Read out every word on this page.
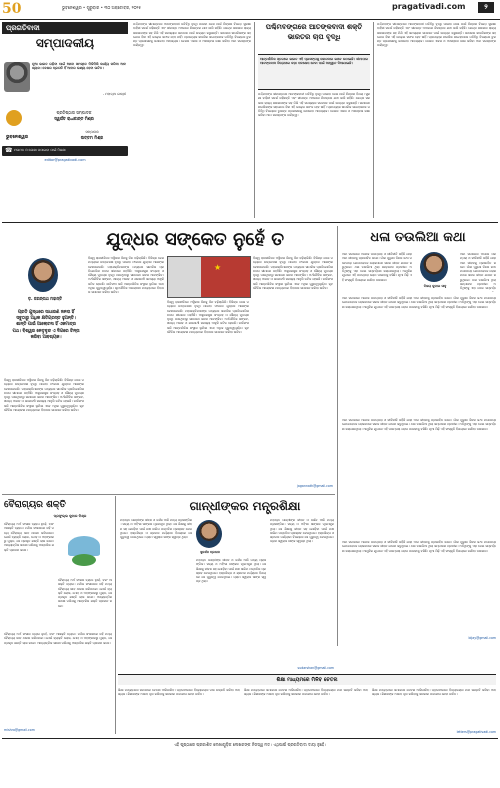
50	ଭୁବନେଶ୍ୱର • ଗୁରୁବାର • ୩୦ ଅକ୍ଟୋବର, ୨୦୨୫	pragativadi.com	୨
ପ୍ରଗତିବାଦୀ
ସମ୍ପାଦକୀୟ
ନୂଆ ଭାରତ ଗଢ଼ିବା ପାଇଁ ଆମେ ସମସ୍ତେ ମିଳିମିଶି କାର୍ଯ୍ୟ କରିବା ଆବଶ୍ୟକ। ଦେଶର ପ୍ରଗତି ହିଁ ଆମର ଲକ୍ଷ୍ୟ ହେବା ଉଚିତ।
- ମହାତ୍ମା ଗାନ୍ଧୀ
ପ୍ରତିଷ୍ଠାତା ସମ୍ପାଦକ
ସ୍ୱର୍ଗତ ରାଧାକାନ୍ତ ମିଶ୍ର
ଭୁବନେଶ୍ୱର
ସମ୍ପାଦକ
ଉତ୍ତମ ମିଶ୍ର
☎ ମତାମତ ଓ ଲେଖା ପଠାଇବା ପାଇଁ ଠିକଣା
editor@pragativadi.com
ପଶ୍ଚିମବଙ୍ଗ ସୀମାନ୍ତରେ ଆତଙ୍କବାଦୀ ଗତିବିଧି ବୃଦ୍ଧି ପାଇବା ଦେଶ ପାଇଁ ଚିନ୍ତାର ବିଷୟ। ସୁରକ୍ଷା ବାହିନୀ ସତର୍କ ରହିଛନ୍ତି ଏବଂ ସୀମାନ୍ତ ଅଞ୍ଚଳରେ ନିରନ୍ତର ଯାଞ୍ଚ ଜାରି ରହିଛି। କେନ୍ଦ୍ର ସରକାର ରାଜ୍ୟ ସରକାରଙ୍କ ସହ ମିଶି ଏହି ସମସ୍ୟାର ସମାଧାନ ପାଇଁ ଉଦ୍ୟମ କରୁଛନ୍ତି। ସାଧାରଣ ନାଗରିକଙ୍କ ସହଯୋଗ ବିନା ଏହି ଲଢ଼େଇ ସଫଳ ହେବ ନାହିଁ। ପ୍ରତ୍ୟେକ ନାଗରିକ ସନ୍ଦେହଜନକ ଗତିବିଧି ବିଷୟରେ ତୁରନ୍ତ ପ୍ରଶାସନକୁ ଜଣାଇବା ଆବଶ୍ୟକ। ଦେଶର ଏକତା ଓ ଅଖଣ୍ଡତା ରକ୍ଷା କରିବା ଆମ ସମସ୍ତଙ୍କ ଦାୟିତ୍ୱ।
ପଶ୍ଚିମବଙ୍ଗରେ ଆତଙ୍କବାଦୀ ଶକ୍ତି
ଭାରତର ଚାପ ବୃଦ୍ଧି
ଆନ୍ତର୍ଜାତିକ ସ୍ତରରେ ଭାରତ ଏହି ପ୍ରସଙ୍ଗକୁ ଜୋରଦାର ଭାବେ ଉଠାଇଛି। ସୀମାପାର ଆତଙ୍କବାଦ ବିରୋଧରେ କଡ଼ା ପଦକ୍ଷେପ ନେବା ପାଇଁ ଆହ୍ୱାନ ଦିଆଯାଇଛି।
ପଶ୍ଚିମବଙ୍ଗ ସୀମାନ୍ତରେ ଆତଙ୍କବାଦୀ ଗତିବିଧି ବୃଦ୍ଧି ପାଇବା ଦେଶ ପାଇଁ ଚିନ୍ତାର ବିଷୟ। ସୁରକ୍ଷା ବାହିନୀ ସତର୍କ ରହିଛନ୍ତି ଏବଂ ସୀମାନ୍ତ ଅଞ୍ଚଳରେ ନିରନ୍ତର ଯାଞ୍ଚ ଜାରି ରହିଛି। କେନ୍ଦ୍ର ସରକାର ରାଜ୍ୟ ସରକାରଙ୍କ ସହ ମିଶି ଏହି ସମସ୍ୟାର ସମାଧାନ ପାଇଁ ଉଦ୍ୟମ କରୁଛନ୍ତି। ସାଧାରଣ ନାଗରିକଙ୍କ ସହଯୋଗ ବିନା ଏହି ଲଢ଼େଇ ସଫଳ ହେବ ନାହିଁ। ପ୍ରତ୍ୟେକ ନାଗରିକ ସନ୍ଦେହଜନକ ଗତିବିଧି ବିଷୟରେ ତୁରନ୍ତ ପ୍ରଶାସନକୁ ଜଣାଇବା ଆବଶ୍ୟକ। ଦେଶର ଏକତା ଓ ଅଖଣ୍ଡତା ରକ୍ଷା କରିବା ଆମ ସମସ୍ତଙ୍କ ଦାୟିତ୍ୱ।
ପଶ୍ଚିମବଙ୍ଗ ସୀମାନ୍ତରେ ଆତଙ୍କବାଦୀ ଗତିବିଧି ବୃଦ୍ଧି ପାଇବା ଦେଶ ପାଇଁ ଚିନ୍ତାର ବିଷୟ। ସୁରକ୍ଷା ବାହିନୀ ସତର୍କ ରହିଛନ୍ତି ଏବଂ ସୀମାନ୍ତ ଅଞ୍ଚଳରେ ନିରନ୍ତର ଯାଞ୍ଚ ଜାରି ରହିଛି। କେନ୍ଦ୍ର ସରକାର ରାଜ୍ୟ ସରକାରଙ୍କ ସହ ମିଶି ଏହି ସମସ୍ୟାର ସମାଧାନ ପାଇଁ ଉଦ୍ୟମ କରୁଛନ୍ତି। ସାଧାରଣ ନାଗରିକଙ୍କ ସହଯୋଗ ବିନା ଏହି ଲଢ଼େଇ ସଫଳ ହେବ ନାହିଁ। ପ୍ରତ୍ୟେକ ନାଗରିକ ସନ୍ଦେହଜନକ ଗତିବିଧି ବିଷୟରେ ତୁରନ୍ତ ପ୍ରଶାସନକୁ ଜଣାଇବା ଆବଶ୍ୟକ। ଦେଶର ଏକତା ଓ ଅଖଣ୍ଡତା ରକ୍ଷା କରିବା ଆମ ସମସ୍ତଙ୍କ ଦାୟିତ୍ୱ।
ଯୁଦ୍ଧର ସଙ୍କେତ ନୁହେଁ ତ
ଡ଼. ଜଗନ୍ନାଥ ମହାନ୍ତି
ପ୍ରତି ଯୁଦ୍ଧରେ ସାଧାରଣ ଜନତା ହିଁ ସବୁଠାରୁ ଅଧିକ କ୍ଷତିଗ୍ରସ୍ତ ହୁଅନ୍ତି। ଶାନ୍ତି ପାଇଁ ଆଲୋଚନା ହିଁ ଏକମାତ୍ର ପଥ। ବିଶ୍ୱର ନେତୃବୃନ୍ଦ ଏ ଦିଗରେ ଚିନ୍ତା କରିବା ଆବଶ୍ୟକ।
ବିଶ୍ୱ ରାଜନୀତିରେ ଅସ୍ଥିରତା ଦିନକୁ ଦିନ ବଢ଼ିଚାଲିଛି। ବିଭିନ୍ନ ଦେଶ ମଧ୍ୟରେ ଉତ୍ତେଜନା ବୃଦ୍ଧି ପାଇବା ଫଳରେ ଯୁଦ୍ଧର ଆଶଙ୍କା ଦେଖାଦେଇଛି। ମହାଶକ୍ତିମାନଙ୍କ ମଧ୍ୟରେ ସାମରିକ ପ୍ରତିଯୋଗିତା ଚରମ ସୀମାରେ ପହଞ୍ଚିଛି। ଅସ୍ତ୍ରଶସ୍ତ୍ର ସଂଗ୍ରହ ଓ ସୈନ୍ୟ ମୁତୟନ ବୃଦ୍ଧି ପାଉଥିବାରୁ ସାଧାରଣ ଜନତା ଆତଙ୍କିତ। ଅର୍ଥନୈତିକ ସଙ୍କଟ, ଖାଦ୍ୟ ଅଭାବ ଓ ଶରଣାର୍ଥୀ ସମସ୍ୟା ଆହୁରି ଜଟିଳ ହେଉଛି। ଜାତିସଂଘ ଭଳି ଆନ୍ତର୍ଜାତିକ ସଂସ୍ଥାର ଭୂମିକା ଏବେ ଅଧିକ ଗୁରୁତ୍ୱପୂର୍ଣ୍ଣ। କୂଟନୈତିକ ଆଲୋଚନା ମାଧ୍ୟମରେ ବିବାଦର ସମାଧାନ କରିବା ଉଚିତ।
ବିଶ୍ୱ ରାଜନୀତିରେ ଅସ୍ଥିରତା ଦିନକୁ ଦିନ ବଢ଼ିଚାଲିଛି। ବିଭିନ୍ନ ଦେଶ ମଧ୍ୟରେ ଉତ୍ତେଜନା ବୃଦ୍ଧି ପାଇବା ଫଳରେ ଯୁଦ୍ଧର ଆଶଙ୍କା ଦେଖାଦେଇଛି। ମହାଶକ୍ତିମାନଙ୍କ ମଧ୍ୟରେ ସାମରିକ ପ୍ରତିଯୋଗିତା ଚରମ ସୀମାରେ ପହଞ୍ଚିଛି। ଅସ୍ତ୍ରଶସ୍ତ୍ର ସଂଗ୍ରହ ଓ ସୈନ୍ୟ ମୁତୟନ ବୃଦ୍ଧି ପାଉଥିବାରୁ ସାଧାରଣ ଜନତା ଆତଙ୍କିତ। ଅର୍ଥନୈତିକ ସଙ୍କଟ, ଖାଦ୍ୟ ଅଭାବ ଓ ଶରଣାର୍ଥୀ ସମସ୍ୟା ଆହୁରି ଜଟିଳ ହେଉଛି। ଜାତିସଂଘ ଭଳି ଆନ୍ତର୍ଜାତିକ ସଂସ୍ଥାର ଭୂମିକା ଏବେ ଅଧିକ ଗୁରୁତ୍ୱପୂର୍ଣ୍ଣ। କୂଟନୈତିକ ଆଲୋଚନା ମାଧ୍ୟମରେ ବିବାଦର ସମାଧାନ କରିବା ଉଚିତ।
★
ବିଶ୍ୱ ରାଜନୀତିରେ ଅସ୍ଥିରତା ଦିନକୁ ଦିନ ବଢ଼ିଚାଲିଛି। ବିଭିନ୍ନ ଦେଶ ମଧ୍ୟରେ ଉତ୍ତେଜନା ବୃଦ୍ଧି ପାଇବା ଫଳରେ ଯୁଦ୍ଧର ଆଶଙ୍କା ଦେଖାଦେଇଛି। ମହାଶକ୍ତିମାନଙ୍କ ମଧ୍ୟରେ ସାମରିକ ପ୍ରତିଯୋଗିତା ଚରମ ସୀମାରେ ପହଞ୍ଚିଛି। ଅସ୍ତ୍ରଶସ୍ତ୍ର ସଂଗ୍ରହ ଓ ସୈନ୍ୟ ମୁତୟନ ବୃଦ୍ଧି ପାଉଥିବାରୁ ସାଧାରଣ ଜନତା ଆତଙ୍କିତ। ଅର୍ଥନୈତିକ ସଙ୍କଟ, ଖାଦ୍ୟ ଅଭାବ ଓ ଶରଣାର୍ଥୀ ସମସ୍ୟା ଆହୁରି ଜଟିଳ ହେଉଛି। ଜାତିସଂଘ ଭଳି ଆନ୍ତର୍ଜାତିକ ସଂସ୍ଥାର ଭୂମିକା ଏବେ ଅଧିକ ଗୁରୁତ୍ୱପୂର୍ଣ୍ଣ। କୂଟନୈତିକ ଆଲୋଚନା ମାଧ୍ୟମରେ ବିବାଦର ସମାଧାନ କରିବା ଉଚିତ।
ବିଶ୍ୱ ରାଜନୀତିରେ ଅସ୍ଥିରତା ଦିନକୁ ଦିନ ବଢ଼ିଚାଲିଛି। ବିଭିନ୍ନ ଦେଶ ମଧ୍ୟରେ ଉତ୍ତେଜନା ବୃଦ୍ଧି ପାଇବା ଫଳରେ ଯୁଦ୍ଧର ଆଶଙ୍କା ଦେଖାଦେଇଛି। ମହାଶକ୍ତିମାନଙ୍କ ମଧ୍ୟରେ ସାମରିକ ପ୍ରତିଯୋଗିତା ଚରମ ସୀମାରେ ପହଞ୍ଚିଛି। ଅସ୍ତ୍ରଶସ୍ତ୍ର ସଂଗ୍ରହ ଓ ସୈନ୍ୟ ମୁତୟନ ବୃଦ୍ଧି ପାଉଥିବାରୁ ସାଧାରଣ ଜନତା ଆତଙ୍କିତ। ଅର୍ଥନୈତିକ ସଙ୍କଟ, ଖାଦ୍ୟ ଅଭାବ ଓ ଶରଣାର୍ଥୀ ସମସ୍ୟା ଆହୁରି ଜଟିଳ ହେଉଛି। ଜାତିସଂଘ ଭଳି ଆନ୍ତର୍ଜାତିକ ସଂସ୍ଥାର ଭୂମିକା ଏବେ ଅଧିକ ଗୁରୁତ୍ୱପୂର୍ଣ୍ଣ। କୂଟନୈତିକ ଆଲୋଚନା ମାଧ୍ୟମରେ ବିବାଦର ସମାଧାନ କରିବା ଉଚିତ।
jagannath@gmail.com
ଧଳା ତଉଲିଆ କଥା
ଆମ ସମାଜରେ ଅନେକ ପରମ୍ପରା ଓ ରୀତିନୀତି ରହିଛି ଯାହା ଆମ ଜୀବନକୁ ପ୍ରଭାବିତ କରେ। ଗାଁର ପୁରୁଣା ଦିନର କଥା ମନେପଡ଼େ ଯେତେବେଳେ ଲୋକମାନେ ସରଳ ଜୀବନ ଯାପନ କରୁଥିଲେ। ଧଳା ତଉଲିଆ ଥିଲା ସମ୍ମାନର ପ୍ରତୀକ। ଅତିଥିଙ୍କୁ ଏହା ଦେଇ ସମ୍ବର୍ଦ୍ଧନା କରାଯାଉଥିଲା। ଆଧୁନିକ ଯୁଗରେ ଏହି ପରମ୍ପରା ଲୋପ ପାଇବାକୁ ବସିଛି। ନୂଆ ପିଢ଼ି ଏହି ସଂସ୍କୃତି ବିଷୟରେ ଜାଣିବା ଦରକାର।
ବିଜୟ କୁମାର ସାହୁ
ଆମ ସମାଜରେ ଅନେକ ପରମ୍ପରା ଓ ରୀତିନୀତି ରହିଛି ଯାହା ଆମ ଜୀବନକୁ ପ୍ରଭାବିତ କରେ। ଗାଁର ପୁରୁଣା ଦିନର କଥା ମନେପଡ଼େ ଯେତେବେଳେ ଲୋକମାନେ ସରଳ ଜୀବନ ଯାପନ କରୁଥିଲେ। ଧଳା ତଉଲିଆ ଥିଲା ସମ୍ମାନର ପ୍ରତୀକ। ଅତିଥିଙ୍କୁ ଏହା ଦେଇ ସମ୍ବର୍ଦ୍ଧ
ଆମ ସମାଜରେ ଅନେକ ପରମ୍ପରା ଓ ରୀତିନୀତି ରହିଛି ଯାହା ଆମ ଜୀବନକୁ ପ୍ରଭାବିତ କରେ। ଗାଁର ପୁରୁଣା ଦିନର କଥା ମନେପଡ଼େ ଯେତେବେଳେ ଲୋକମାନେ ସରଳ ଜୀବନ ଯାପନ କରୁଥିଲେ। ଧଳା ତଉଲିଆ ଥିଲା ସମ୍ମାନର ପ୍ରତୀକ। ଅତିଥିଙ୍କୁ ଏହା ଦେଇ ସମ୍ବର୍ଦ୍ଧନା କରାଯାଉଥିଲା। ଆଧୁନିକ ଯୁଗରେ ଏହି ପରମ୍ପରା ଲୋପ ପାଇବାକୁ ବସିଛି। ନୂଆ ପିଢ଼ି ଏହି ସଂସ୍କୃତି ବିଷୟରେ ଜାଣିବା ଦରକାର।
ଆମ ସମାଜରେ ଅନେକ ପରମ୍ପରା ଓ ରୀତିନୀତି ରହିଛି ଯାହା ଆମ ଜୀବନକୁ ପ୍ରଭାବିତ କରେ। ଗାଁର ପୁରୁଣା ଦିନର କଥା ମନେପଡ଼େ ଯେତେବେଳେ ଲୋକମାନେ ସରଳ ଜୀବନ ଯାପନ କରୁଥିଲେ। ଧଳା ତଉଲିଆ ଥିଲା ସମ୍ମାନର ପ୍ରତୀକ। ଅତିଥିଙ୍କୁ ଏହା ଦେଇ ସମ୍ବର୍ଦ୍ଧନା କରାଯାଉଥିଲା। ଆଧୁନିକ ଯୁଗରେ ଏହି ପରମ୍ପରା ଲୋପ ପାଇବାକୁ ବସିଛି। ନୂଆ ପିଢ଼ି ଏହି ସଂସ୍କୃତି ବିଷୟରେ ଜାଣିବା ଦରକାର।
ଆମ ସମାଜରେ ଅନେକ ପରମ୍ପରା ଓ ରୀତିନୀତି ରହିଛି ଯାହା ଆମ ଜୀବନକୁ ପ୍ରଭାବିତ କରେ। ଗାଁର ପୁରୁଣା ଦିନର କଥା ମନେପଡ଼େ ଯେତେବେଳେ ଲୋକମାନେ ସରଳ ଜୀବନ ଯାପନ କରୁଥିଲେ। ଧଳା ତଉଲିଆ ଥିଲା ସମ୍ମାନର ପ୍ରତୀକ। ଅତିଥିଙ୍କୁ ଏହା ଦେଇ ସମ୍ବର୍ଦ୍ଧନା କରାଯାଉଥିଲା। ଆଧୁନିକ ଯୁଗରେ ଏହି ପରମ୍ପରା ଲୋପ ପାଇବାକୁ ବସିଛି। ନୂଆ ପିଢ଼ି ଏହି ସଂସ୍କୃତି ବିଷୟରେ ଜାଣିବା ଦରକାର।
bijay@gmail.com
ବୈରାଗ୍ୟର ଶକ୍ତି
ପ୍ରଫୁଲ୍ଲ କୁମାର ମିଶ୍ର
ବୈରାଗ୍ୟ ଅର୍ଥ ସଂସାର ତ୍ୟାଗ ନୁହେଁ, ବରଂ ଆସକ୍ତି ତ୍ୟାଗ। ମଣିଷ ସଂସାରରେ ରହି ମଧ୍ୟ ବୈରାଗ୍ୟ ଭାବ ଧାରଣ କରିପାରେ। ଯେଉଁ ବ୍ୟକ୍ତି ଲୋଭ, ମୋହ ଓ ଅହଙ୍କାରରୁ ମୁକ୍ତ, ସେ ପ୍ରକୃତ ଶାନ୍ତି ଲାଭ କରେ। ଆଧ୍ୟାତ୍ମିକ ସାଧନା ମଣିଷକୁ ଆନ୍ତରିକ ଶକ୍ତି ପ୍ରଦାନ କରେ।
ବୈରାଗ୍ୟ ଅର୍ଥ ସଂସାର ତ୍ୟାଗ ନୁହେଁ, ବରଂ ଆସକ୍ତି ତ୍ୟାଗ। ମଣିଷ ସଂସାରରେ ରହି ମଧ୍ୟ ବୈରାଗ୍ୟ ଭାବ ଧାରଣ କରିପାରେ। ଯେଉଁ ବ୍ୟକ୍ତି ଲୋଭ, ମୋହ ଓ ଅହଙ୍କାରରୁ ମୁକ୍ତ, ସେ ପ୍ରକୃତ ଶାନ୍ତି ଲାଭ କରେ। ଆଧ୍ୟାତ୍ମିକ ସାଧନା ମଣିଷକୁ ଆନ୍ତରିକ ଶକ୍ତି ପ୍ରଦାନ କରେ।
ବୈରାଗ୍ୟ ଅର୍ଥ ସଂସାର ତ୍ୟାଗ ନୁହେଁ, ବରଂ ଆସକ୍ତି ତ୍ୟାଗ। ମଣିଷ ସଂସାରରେ ରହି ମଧ୍ୟ ବୈରାଗ୍ୟ ଭାବ ଧାରଣ କରିପାରେ। ଯେଉଁ ବ୍ୟକ୍ତି ଲୋଭ, ମୋହ ଓ ଅହଙ୍କାରରୁ ମୁକ୍ତ, ସେ ପ୍ରକୃତ ଶାନ୍ତି ଲାଭ କରେ। ଆଧ୍ୟାତ୍ମିକ ସାଧନା ମଣିଷକୁ ଆନ୍ତରିକ ଶକ୍ତି ପ୍ରଦାନ କରେ।
mishra@gmail.com
ଗାନ୍ଧୀଙ୍କର ମନ୍ତ୍ରଶିକ୍ଷା
ମହାତ୍ମା ଗାନ୍ଧୀଙ୍କ ଜୀବନ ଓ ଦର୍ଶନ ଆଜି ମଧ୍ୟ ପ୍ରାସଙ୍ଗିକ। ସତ୍ୟ ଓ ଅହିଂସା ତାଙ୍କର ମୂଳମନ୍ତ୍ର ଥିଲା। ସେ ଶିକ୍ଷାକୁ ଜୀବନ ସହ ଯୋଡ଼ିବା ପାଇଁ ନଈ ତାଲିମ ପଦ୍ଧତିର ପ୍ରସ୍ତାବ ଦେଇଥିଲେ। ହସ୍ତଶିଳ୍ପ ଓ ଶ୍ରମର ମର୍ଯ୍ୟାଦା ବିଷୟରେ ସେ ଗୁରୁତ୍ୱ ଦେଇଥିଲେ। ଗ୍ରାମ ସ୍ୱରାଜ ତାଙ୍କ ସ୍ୱପ୍ନ ଥିଲା।
ସୁଦର୍ଶନ ପ୍ରଧାନ
ମହାତ୍ମା ଗାନ୍ଧୀଙ୍କ ଜୀବନ ଓ ଦର୍ଶନ ଆଜି ମଧ୍ୟ ପ୍ରାସଙ୍ଗିକ। ସତ୍ୟ ଓ ଅହିଂସା ତାଙ୍କର ମୂଳମନ୍ତ୍ର ଥିଲା। ସେ ଶିକ୍ଷାକୁ ଜୀବନ ସହ ଯୋଡ଼ିବା ପାଇଁ ନଈ ତାଲିମ ପଦ୍ଧତିର ପ୍ରସ୍ତାବ ଦେଇଥିଲେ। ହସ୍ତଶିଳ୍ପ ଓ ଶ୍ରମର ମର୍ଯ୍ୟାଦା ବିଷୟରେ ସେ ଗୁରୁତ୍ୱ ଦେଇଥିଲେ। ଗ୍ରାମ ସ୍ୱରାଜ ତାଙ୍କ ସ୍ୱପ୍ନ ଥିଲା।
ମହାତ୍ମା ଗାନ୍ଧୀଙ୍କ ଜୀବନ ଓ ଦର୍ଶନ ଆଜି ମଧ୍ୟ ପ୍ରାସଙ୍ଗିକ। ସତ୍ୟ ଓ ଅହିଂସା ତାଙ୍କର ମୂଳମନ୍ତ୍ର ଥିଲା। ସେ ଶିକ୍ଷାକୁ ଜୀବନ ସହ ଯୋଡ଼ିବା ପାଇଁ ନଈ ତାଲିମ ପଦ୍ଧତିର ପ୍ରସ୍ତାବ ଦେଇଥିଲେ। ହସ୍ତଶିଳ୍ପ ଓ ଶ୍ରମର ମର୍ଯ୍ୟାଦା ବିଷୟରେ ସେ ଗୁରୁତ୍ୱ ଦେଇଥିଲେ। ଗ୍ରାମ ସ୍ୱରାଜ ତାଙ୍କ ସ୍ୱପ୍ନ ଥିଲା।
sudarshan@gmail.com
ଶିକ୍ଷା ମାଧ୍ୟମରେ ମିଳିବ ଚେତନା
ଶିକ୍ଷା ମାଧ୍ୟମରେ ସମାଜରେ ଚେତନା ଆସିପାରିବ। ଗ୍ରାମାଞ୍ଚଳରେ ବିଦ୍ୟାଳୟର ମାନ ଉନ୍ନତି କରିବା ଆବଶ୍ୟକ। ଶିକ୍ଷକଙ୍କ ଅଭାବ ଦୂର କରିବାକୁ ସରକାର ପଦକ୍ଷେପ ନେବା ଉଚିତ।
ଶିକ୍ଷା ମାଧ୍ୟମରେ ସମାଜରେ ଚେତନା ଆସିପାରିବ। ଗ୍ରାମାଞ୍ଚଳରେ ବିଦ୍ୟାଳୟର ମାନ ଉନ୍ନତି କରିବା ଆବଶ୍ୟକ। ଶିକ୍ଷକଙ୍କ ଅଭାବ ଦୂର କରିବାକୁ ସରକାର ପଦକ୍ଷେପ ନେବା ଉଚିତ।
ଶିକ୍ଷା ମାଧ୍ୟମରେ ସମାଜରେ ଚେତନା ଆସିପାରିବ। ଗ୍ରାମାଞ୍ଚଳରେ ବିଦ୍ୟାଳୟର ମାନ ଉନ୍ନତି କରିବା ଆବଶ୍ୟକ। ଶିକ୍ଷକଙ୍କ ଅଭାବ ଦୂର କରିବାକୁ ସରକାର ପଦକ୍ଷେପ ନେବା ଉଚିତ।
letters@pragativadi.com
ଏହି ପୃଷ୍ଠାରେ ପ୍ରକାଶିତ ଲେଖାଗୁଡ଼ିକ ଲେଖକଙ୍କ ନିଜସ୍ୱ ମତ। ଏଥିପାଇଁ ପ୍ରଗତିବାଦୀ ଦାୟୀ ନୁହେଁ।
